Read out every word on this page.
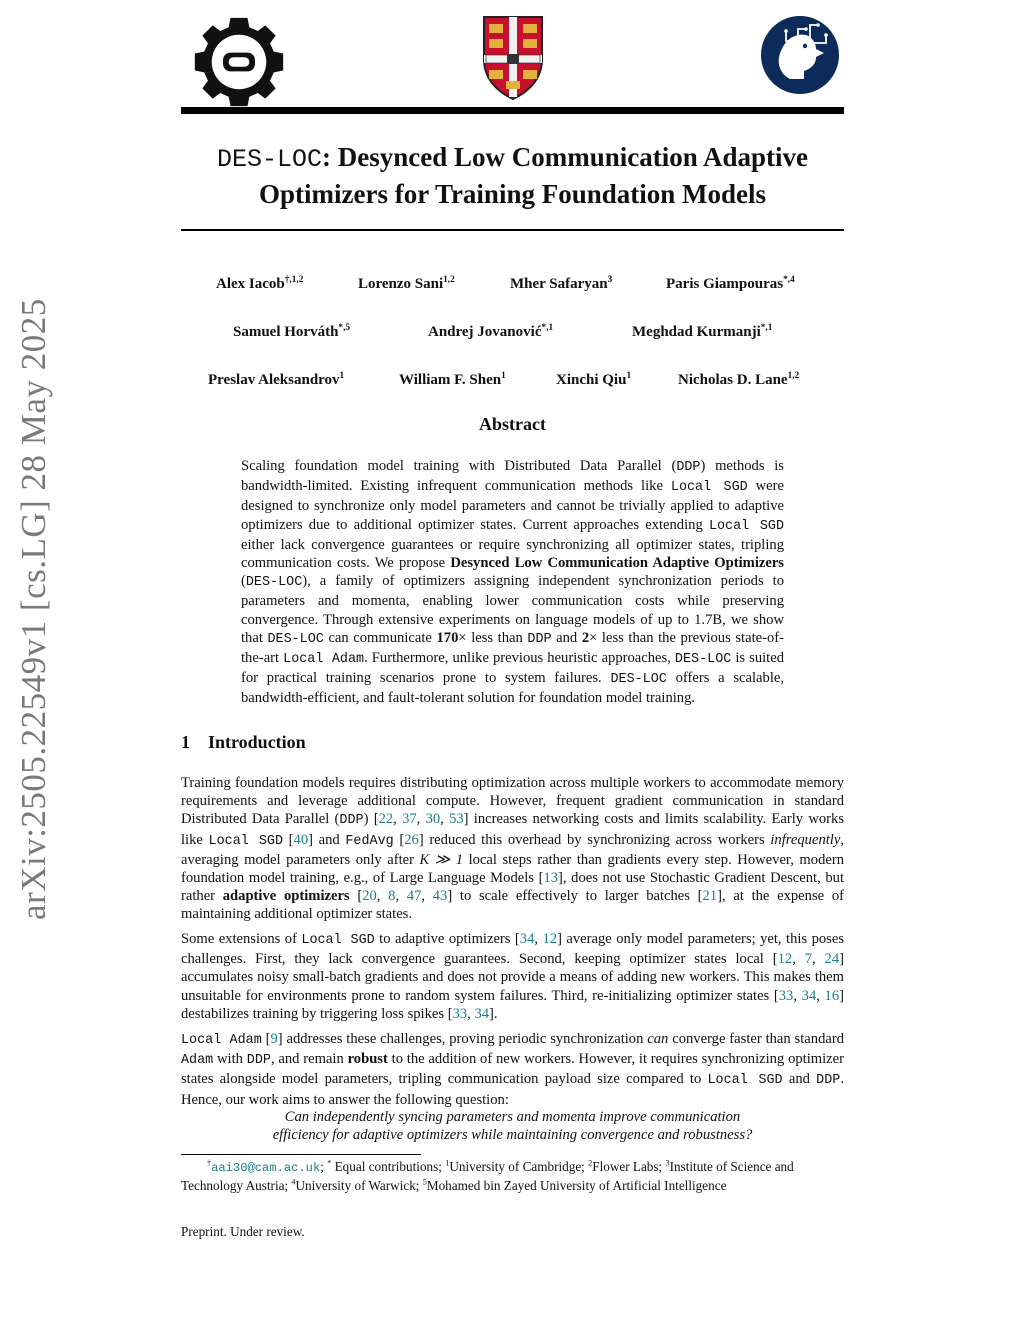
arXiv:2505.22549v1 [cs.LG] 28 May 2025
DES-LOC: Desynced Low Communication Adaptive
Optimizers for Training Foundation Models
Alex Iacob$^{\dagger,1,2}$	Lorenzo Sani$^{1,2}$	Mher Safaryan$^3$	Paris Giampouras$^{*,4}$
Samuel Horváth$^{*,5}$	Andrej Jovanović$^{*,1}$	Meghdad Kurmanji$^{*,1}$
Preslav Aleksandrov$^1$	William F. Shen$^1$	Xinchi Qiu$^1$	Nicholas D. Lane$^{1,2}$
Abstract
Scaling foundation model training with Distributed Data Parallel (DDP) methods is bandwidth-limited. Existing infrequent communication methods like Local SGD were designed to synchronize only model parameters and cannot be trivially applied to adaptive optimizers due to additional optimizer states. Current approaches extending Local SGD either lack convergence guarantees or require synchronizing all optimizer states, tripling communication costs. We propose Desynced Low Communication Adaptive Optimizers (DES-LOC), a family of optimizers assigning independent synchronization periods to parameters and momenta, enabling lower communication costs while preserving convergence. Through extensive experiments on language models of up to 1.7B, we show that DES-LOC can communicate 170× less than DDP and 2× less than the previous state-of-the-art Local Adam. Furthermore, unlike previous heuristic approaches, DES-LOC is suited for practical training scenarios prone to system failures. DES-LOC offers a scalable, bandwidth-efficient, and fault-tolerant solution for foundation model training.
1 Introduction
Training foundation models requires distributing optimization across multiple workers to accommodate memory requirements and leverage additional compute. However, frequent gradient communication in standard Distributed Data Parallel (DDP) [22, 37, 30, 53] increases networking costs and limits scalability. Early works like Local SGD [40] and FedAvg [26] reduced this overhead by synchronizing across workers infrequently, averaging model parameters only after K ≫ 1 local steps rather than gradients every step. However, modern foundation model training, e.g., of Large Language Models [13], does not use Stochastic Gradient Descent, but rather adaptive optimizers [20, 8, 47, 43] to scale effectively to larger batches [21], at the expense of maintaining additional optimizer states.
Some extensions of Local SGD to adaptive optimizers [34, 12] average only model parameters; yet, this poses challenges. First, they lack convergence guarantees. Second, keeping optimizer states local [12, 7, 24] accumulates noisy small-batch gradients and does not provide a means of adding new workers. This makes them unsuitable for environments prone to random system failures. Third, re-initializing optimizer states [33, 34, 16] destabilizes training by triggering loss spikes [33, 34].
Local Adam [9] addresses these challenges, proving periodic synchronization can converge faster than standard Adam with DDP, and remain robust to the addition of new workers. However, it requires synchronizing optimizer states alongside model parameters, tripling communication payload size compared to Local SGD and DDP. Hence, our work aims to answer the following question:
Can independently syncing parameters and momenta improve communication
efficiency for adaptive optimizers while maintaining convergence and robustness?
†aai30@cam.ac.uk; * Equal contributions; $^1$University of Cambridge; $^2$Flower Labs; $^3$Institute of Science and Technology Austria; $^4$University of Warwick; $^5$Mohamed bin Zayed University of Artificial Intelligence
Preprint. Under review.
